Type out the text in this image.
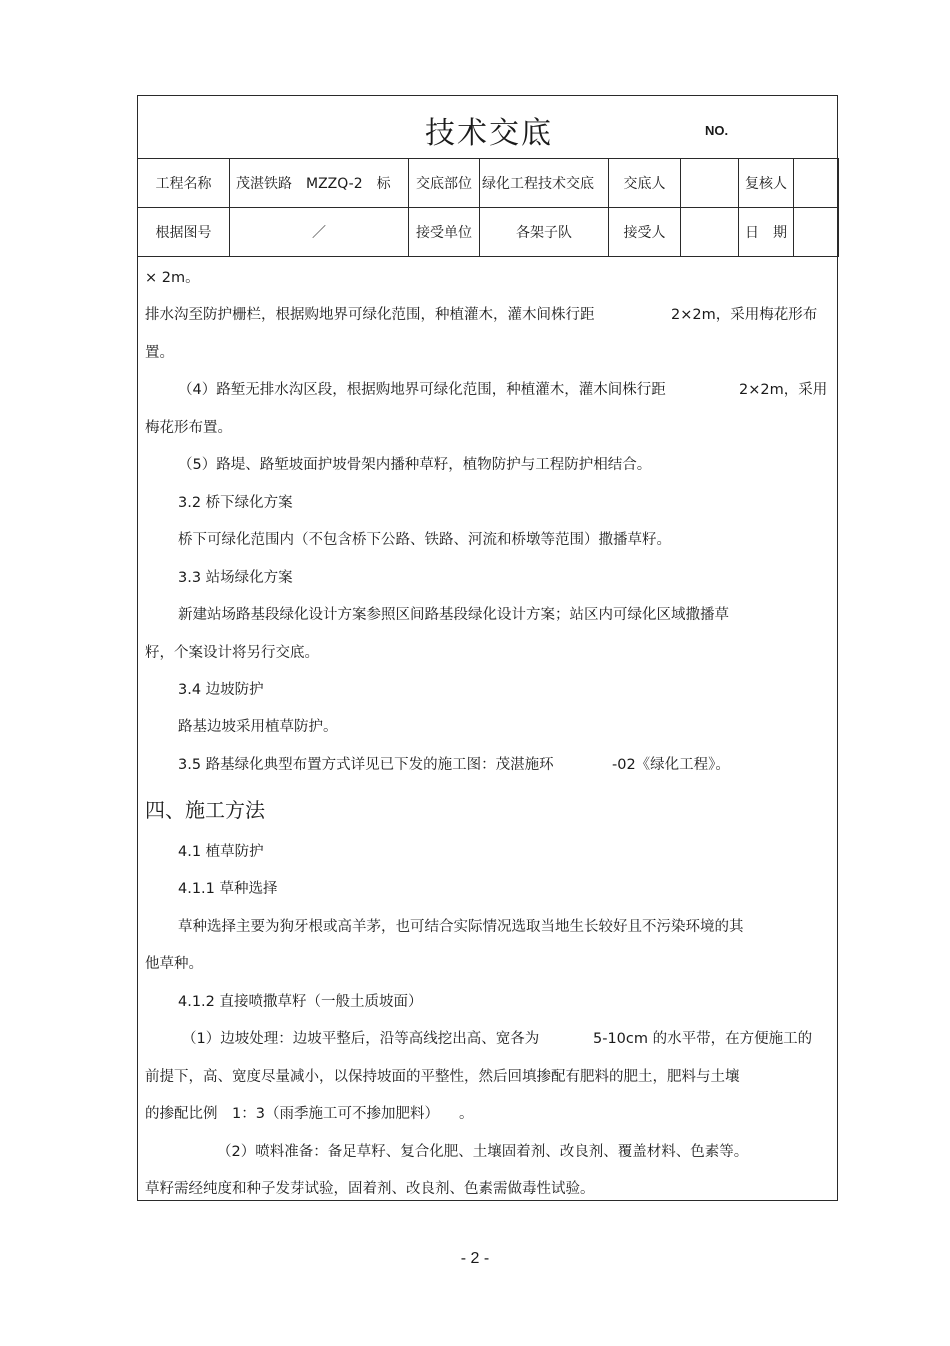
技术交底	NO.
工程名称	茂湛铁路　MZZQ-2　标	交底部位	绿化工程技术交底	交底人		复核人	
根据图号	／	接受单位	各架子队	接受人		日　期	
× 2m。
排水沟至防护栅栏，根据购地界可绿化范围，种植灌木，灌木间株行距	2×2m，采用梅花形布
置。
（4）路堑无排水沟区段，根据购地界可绿化范围，种植灌木，灌木间株行距	2×2m，采用
梅花形布置。
（5）路堤、路堑坡面护坡骨架内播种草籽，植物防护与工程防护相结合。
3.2 桥下绿化方案
桥下可绿化范围内（不包含桥下公路、铁路、河流和桥墩等范围）撒播草籽。
3.3 站场绿化方案
新建站场路基段绿化设计方案参照区间路基段绿化设计方案；站区内可绿化区域撒播草
籽，个案设计将另行交底。
3.4 边坡防护
路基边坡采用植草防护。
3.5 路基绿化典型布置方式详见已下发的施工图：茂湛施环	-02《绿化工程》。
四、施工方法
4.1 植草防护
4.1.1 草种选择
草种选择主要为狗牙根或高羊茅，也可结合实际情况选取当地生长较好且不污染环境的其
他草种。
4.1.2 直接喷撒草籽（一般土质坡面）
（1）边坡处理：边坡平整后，沿等高线挖出高、宽各为	5-10cm 的水平带，在方便施工的
前提下，高、宽度尽量减小，以保持坡面的平整性，然后回填掺配有肥料的肥土，肥料与土壤
的掺配比例　1：3（雨季施工可不掺加肥料） 。
（2）喷料准备：备足草籽、复合化肥、土壤固着剂、改良剂、覆盖材料、色素等。
草籽需经纯度和种子发芽试验，固着剂、改良剂、色素需做毒性试验。
- 2 -
